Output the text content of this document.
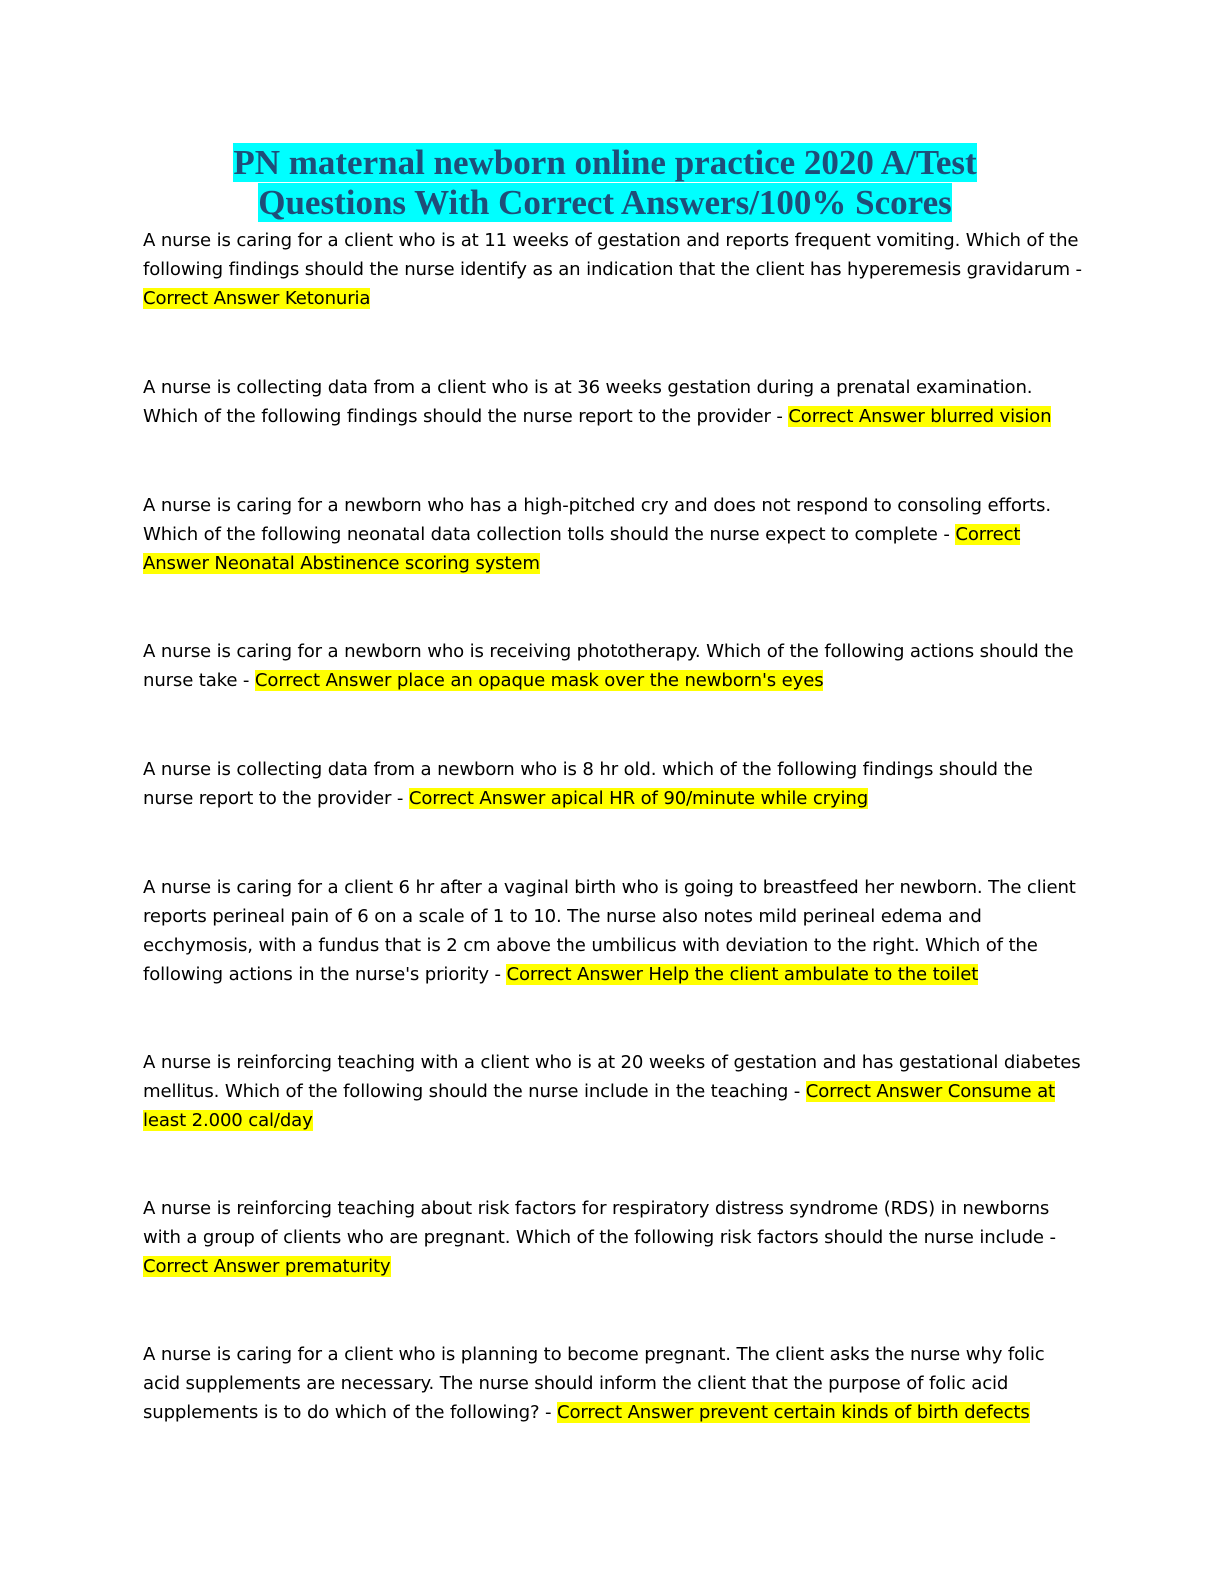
PN maternal newborn online practice 2020 A/Test
Questions With Correct Answers/100% Scores

A nurse is caring for a client who is at 11 weeks of gestation and reports frequent vomiting. Which of the following findings should the nurse identify as an indication that the client has hyperemesis gravidarum - Correct Answer Ketonuria

A nurse is collecting data from a client who is at 36 weeks gestation during a prenatal examination. Which of the following findings should the nurse report to the provider - Correct Answer blurred vision

A nurse is caring for a newborn who has a high-pitched cry and does not respond to consoling efforts. Which of the following neonatal data collection tolls should the nurse expect to complete - Correct Answer Neonatal Abstinence scoring system

A nurse is caring for a newborn who is receiving phototherapy. Which of the following actions should the nurse take - Correct Answer place an opaque mask over the newborn's eyes

A nurse is collecting data from a newborn who is 8 hr old. which of the following findings should the nurse report to the provider - Correct Answer apical HR of 90/minute while crying

A nurse is caring for a client 6 hr after a vaginal birth who is going to breastfeed her newborn. The client reports perineal pain of 6 on a scale of 1 to 10. The nurse also notes mild perineal edema and ecchymosis, with a fundus that is 2 cm above the umbilicus with deviation to the right. Which of the following actions in the nurse's priority - Correct Answer Help the client ambulate to the toilet

A nurse is reinforcing teaching with a client who is at 20 weeks of gestation and has gestational diabetes mellitus. Which of the following should the nurse include in the teaching - Correct Answer Consume at least 2.000 cal/day

A nurse is reinforcing teaching about risk factors for respiratory distress syndrome (RDS) in newborns with a group of clients who are pregnant. Which of the following risk factors should the nurse include - Correct Answer prematurity

A nurse is caring for a client who is planning to become pregnant. The client asks the nurse why folic acid supplements are necessary. The nurse should inform the client that the purpose of folic acid supplements is to do which of the following? - Correct Answer prevent certain kinds of birth defects
